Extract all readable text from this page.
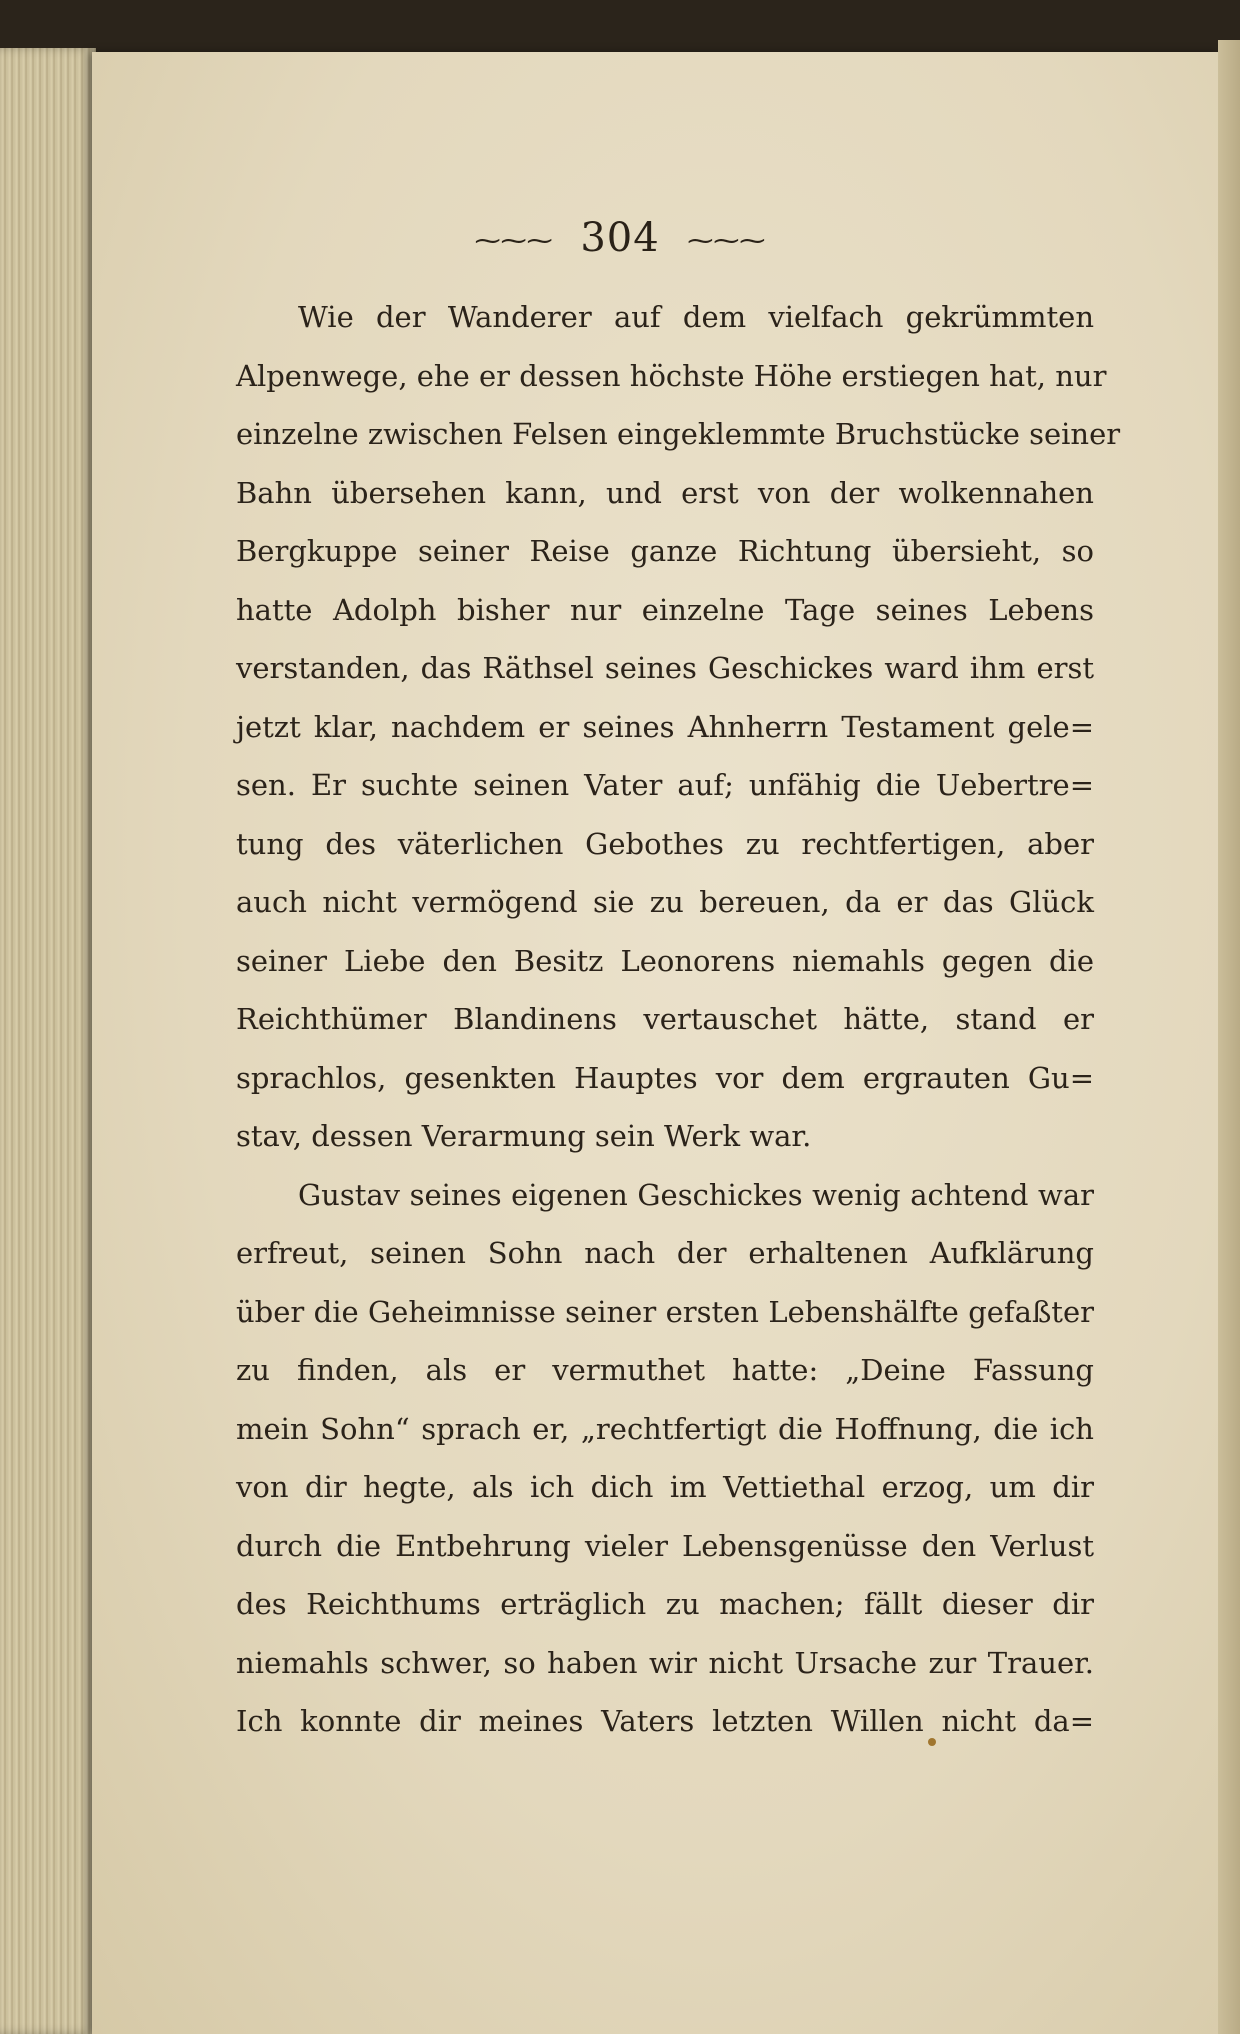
⁓⁓⁓ 304 ⁓⁓⁓
Wie der Wanderer auf dem vielfach gekrümmten
Alpenwege, ehe er dessen höchste Höhe erstiegen hat, nur
einzelne zwischen Felsen eingeklemmte Bruchstücke seiner
Bahn übersehen kann, und erst von der wolkennahen
Bergkuppe seiner Reise ganze Richtung übersieht, so
hatte Adolph bisher nur einzelne Tage seines Lebens
verstanden, das Räthsel seines Geschickes ward ihm erst
jetzt klar, nachdem er seines Ahnherrn Testament gele=
sen. Er suchte seinen Vater auf; unfähig die Uebertre=
tung des väterlichen Gebothes zu rechtfertigen, aber
auch nicht vermögend sie zu bereuen, da er das Glück
seiner Liebe den Besitz Leonorens niemahls gegen die
Reichthümer Blandinens vertauschet hätte, stand er
sprachlos, gesenkten Hauptes vor dem ergrauten Gu=
stav, dessen Verarmung sein Werk war.
Gustav seines eigenen Geschickes wenig achtend war
erfreut, seinen Sohn nach der erhaltenen Aufklärung
über die Geheimnisse seiner ersten Lebenshälfte gefaßter
zu finden, als er vermuthet hatte: „Deine Fassung
mein Sohn“ sprach er, „rechtfertigt die Hoffnung, die ich
von dir hegte, als ich dich im Vettiethal erzog, um dir
durch die Entbehrung vieler Lebensgenüsse den Verlust
des Reichthums erträglich zu machen; fällt dieser dir
niemahls schwer, so haben wir nicht Ursache zur Trauer.
Ich konnte dir meines Vaters letzten Willen nicht da=
